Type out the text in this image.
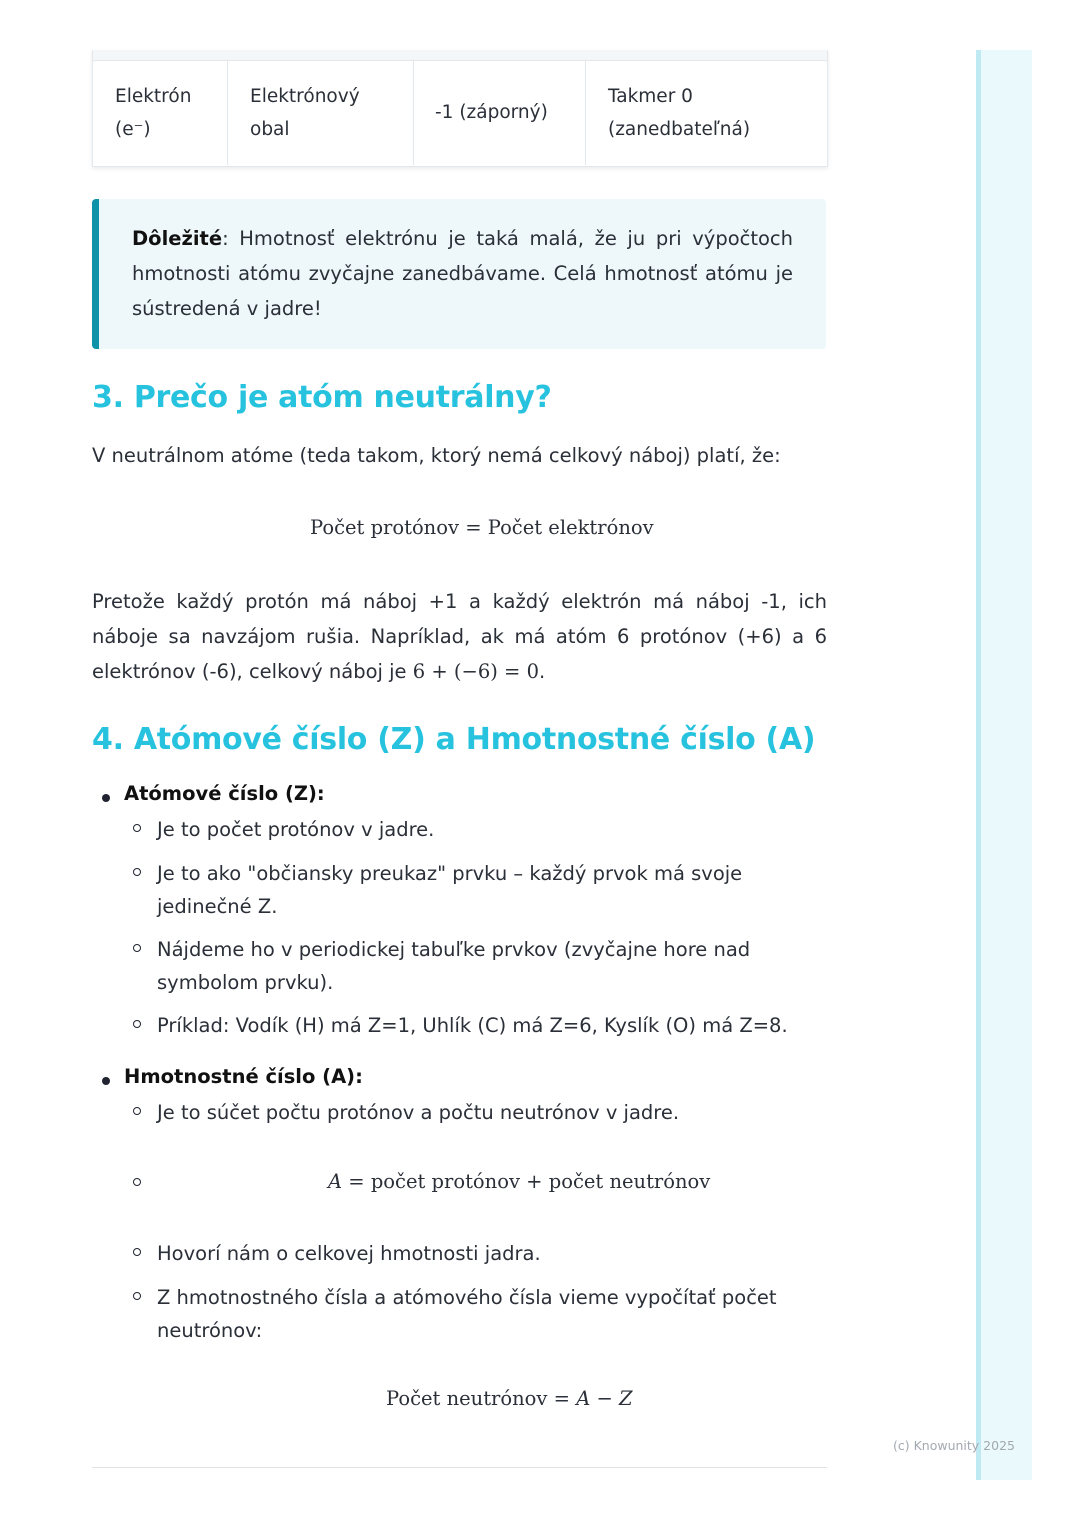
Elektrón
(e⁻)
Elektrónový
obal
-1 (záporný)
Takmer 0
(zanedbateľná)
Dôležité: Hmotnosť elektrónu je taká malá, že ju pri výpočtoch hmotnosti atómu zvyčajne zanedbávame. Celá hmotnosť atómu je sústredená v jadre!
3. Prečo je atóm neutrálny?

V neutrálnom atóme (teda takom, ktorý nemá celkový náboj) platí, že:

Počet protónov = Počet elektrónov

Pretože každý protón má náboj +1 a každý elektrón má náboj -1, ich náboje sa navzájom rušia. Napríklad, ak má atóm 6 protónov (+6) a 6 elektrónov (-6), celkový náboj je 6 + (−6) = 0.

4. Atómové číslo (Z) a Hmotnostné číslo (A)
Atómové číslo (Z):
Je to počet protónov v jadre.
Je to ako "občiansky preukaz" prvku – každý prvok má svoje jedinečné Z.
Nájdeme ho v periodickej tabuľke prvkov (zvyčajne hore nad symbolom prvku).
Príklad: Vodík (H) má Z=1, Uhlík (C) má Z=6, Kyslík (O) má Z=8.
Hmotnostné číslo (A):
Je to súčet počtu protónov a počtu neutrónov v jadre.
A = počet protónov + počet neutrónov
Hovorí nám o celkovej hmotnosti jadra.
Z hmotnostného čísla a atómového čísla vieme vypočítať počet neutrónov:
Počet neutrónov = A − Z
(c) Knowunity 2025
